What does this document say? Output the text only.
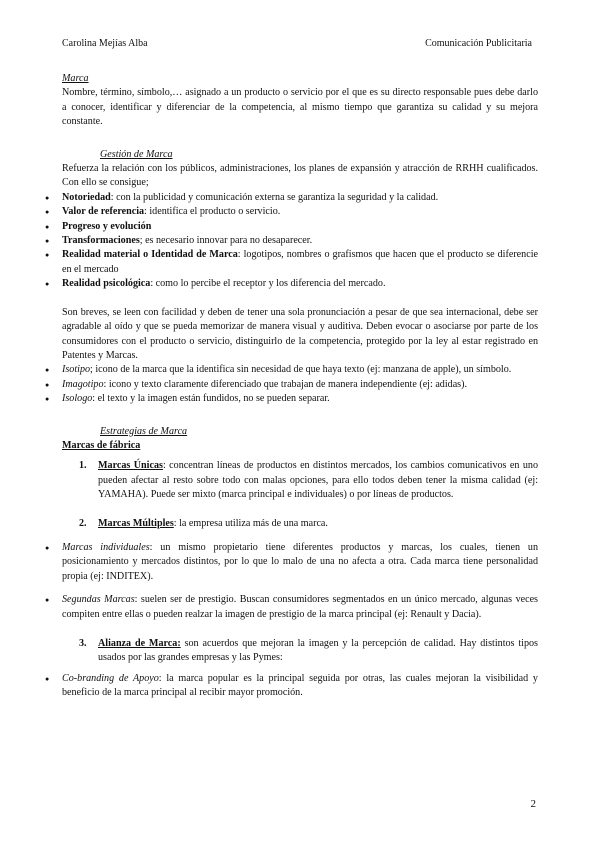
Carolina Mejías Alba	Comunicación Publicitaria
Marca

Nombre, término, símbolo,… asignado a un producto o servicio por el que es su directo responsable pues debe darlo a conocer, identificar y diferenciar de la competencia, al mismo tiempo que garantiza su calidad y su mejora constante.

Gestión de Marca

Refuerza la relación con los públicos, administraciones, los planes de expansión y atracción de RRHH cualificados. Con ello se consigue;

● Notoriedad: con la publicidad y comunicación externa se garantiza la seguridad y la calidad.
● Valor de referencia: identifica el producto o servicio.
● Progreso y evolución
● Transformaciones; es necesario innovar para no desaparecer.
● Realidad material o Identidad de Marca: logotipos, nombres o grafismos que hacen que el producto se diferencie en el mercado
● Realidad psicológica: como lo percibe el receptor y los diferencia del mercado.

Son breves, se leen con facilidad y deben de tener una sola pronunciación a pesar de que sea internacional, debe ser agradable al oído y que se pueda memorizar de manera visual y auditiva. Deben evocar o asociarse por parte de los consumidores con el producto o servicio, distinguirlo de la competencia, protegido por la ley al estar registrado en Patentes y Marcas.

● Isotipo; icono de la marca que la identifica sin necesidad de que haya texto (ej: manzana de apple), un símbolo.
● Imagotipo: icono y texto claramente diferenciado que trabajan de manera independiente (ej: adidas).
● Isologo: el texto y la imagen están fundidos, no se pueden separar.
Estrategias de Marca
Marcas de fábrica
1. Marcas Únicas: concentran líneas de productos en distintos mercados, los cambios comunicativos en uno pueden afectar al resto sobre todo con malas opciones, para ello todos deben tener la misma calidad (ej: YAMAHA). Puede ser mixto (marca principal e individuales) o por líneas de productos.

2. Marcas Múltiples: la empresa utiliza más de una marca.

● Marcas individuales: un mismo propietario tiene diferentes productos y marcas, los cuales, tienen un posicionamiento y mercados distintos, por lo que lo malo de una no afecta a otra. Cada marca tiene personalidad propia (ej: INDITEX).
● Segundas Marcas: suelen ser de prestigio. Buscan consumidores segmentados en un único mercado, algunas veces compiten entre ellas o pueden realzar la imagen de prestigio de la marca principal (ej: Renault y Dacia).
3. Alianza de Marca: son acuerdos que mejoran la imagen y la percepción de calidad. Hay distintos tipos usados por las grandes empresas y las Pymes:

● Co-branding de Apoyo: la marca popular es la principal seguida por otras, las cuales mejoran la visibilidad y beneficio de la marca principal al recibir mayor promoción.
2
